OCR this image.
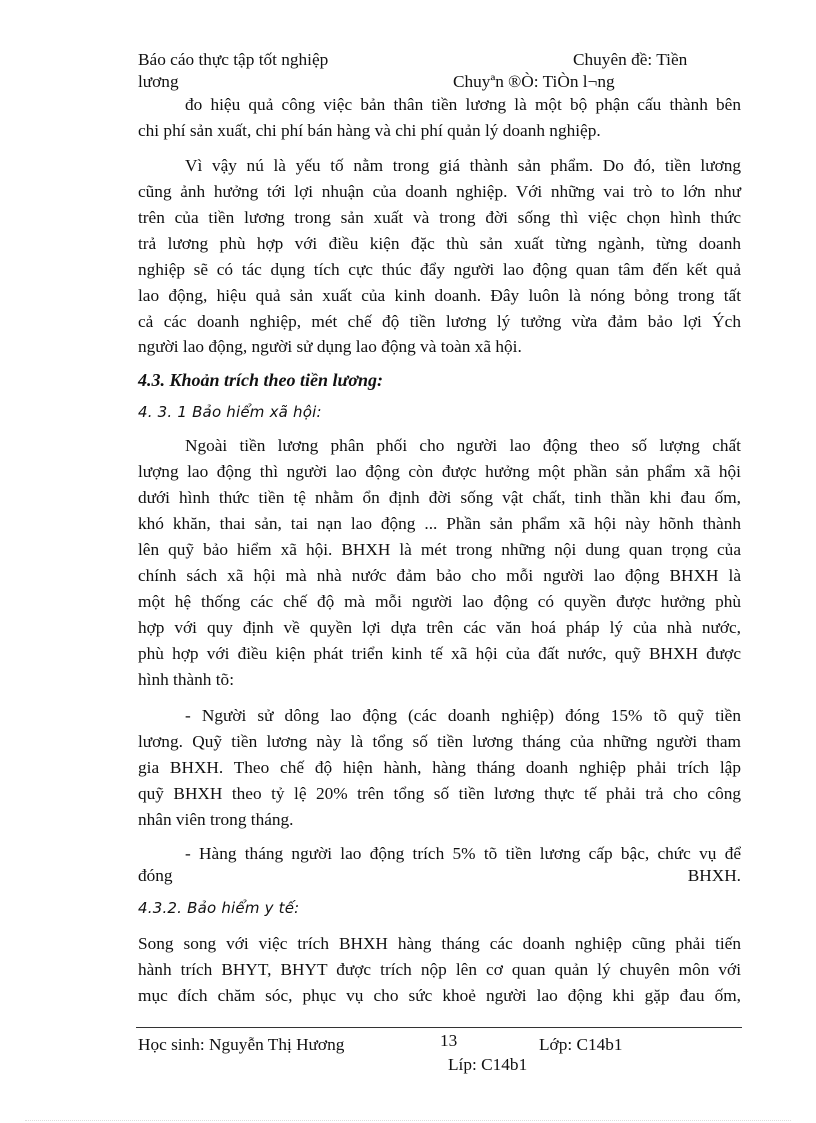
Báo cáo thực tập tốt nghiệp	Chuyên đề: Tiền
lương	Chuyªn ®Ò: TiÒn l¬ng
4.3. Khoản trích theo tiền lương:
4. 3. 1 Bảo hiểm xã hội:
4.3.2. Bảo hiểm y tế:
đo hiệu quả công việc bản thân tiền lương là một bộ phận cấu thành bên
chi phí sản xuất, chi phí bán hàng và chi phí quản lý doanh nghiệp.
Vì vậy nú là yếu tố nằm trong giá thành sản phẩm. Do đó, tiền lương
cũng ảnh hưởng tới lợi nhuận của doanh nghiệp. Với những vai trò to lớn như
trên của tiền lương trong sản xuất và trong đời sống thì việc chọn hình thức
trả lương phù hợp với điều kiện đặc thù sản xuất từng ngành, từng doanh
nghiệp sẽ có tác dụng tích cực thúc đẩy người lao động quan tâm đến kết quả
lao động, hiệu quả sản xuất của kinh doanh. Đây luôn là nóng bỏng trong tất
cả các doanh nghiệp, mét chế độ tiền lương lý tưởng vừa đảm bảo lợi Ých
người lao động, người sử dụng lao động và toàn xã hội.
Ngoài tiền lương phân phối cho người lao động theo số lượng chất
lượng lao động thì người lao động còn được hưởng một phần sản phẩm xã hội
dưới hình thức tiền tệ nhằm ổn định đời sống vật chất, tinh thần khi đau ốm,
khó khăn, thai sản, tai nạn lao động ... Phần sản phẩm xã hội này hõnh thành
lên quỹ bảo hiểm xã hội. BHXH là mét trong những nội dung quan trọng của
chính sách xã hội mà nhà nước đảm bảo cho mỗi người lao động BHXH là
một hệ thống các chế độ mà mỗi người lao động có quyền được hưởng phù
hợp với quy định về quyền lợi dựa trên các văn hoá pháp lý của nhà nước,
phù hợp với điều kiện phát triển kinh tế xã hội của đất nước, quỹ BHXH được
hình thành tõ:
- Người sử dông lao động (các doanh nghiệp) đóng 15% tõ quỹ tiền
lương. Quỹ tiền lương này là tổng số tiền lương tháng của những người tham
gia BHXH. Theo chế độ hiện hành, hàng tháng doanh nghiệp phải trích lập
quỹ BHXH theo tỷ lệ 20% trên tổng số tiền lương thực tế phải trả cho công
nhân viên trong tháng.
- Hàng tháng người lao động trích 5% tõ tiền lương cấp bậc, chức vụ để
đóng BHXH.
Song song với việc trích BHXH hàng tháng các doanh nghiệp cũng phải tiến
hành trích BHYT, BHYT được trích nộp lên cơ quan quản lý chuyên môn với
mục đích chăm sóc, phục vụ cho sức khoẻ người lao động khi gặp đau ốm,
Học sinh: Nguyễn Thị Hương	13	Lớp: C14b1
Líp: C14b1
